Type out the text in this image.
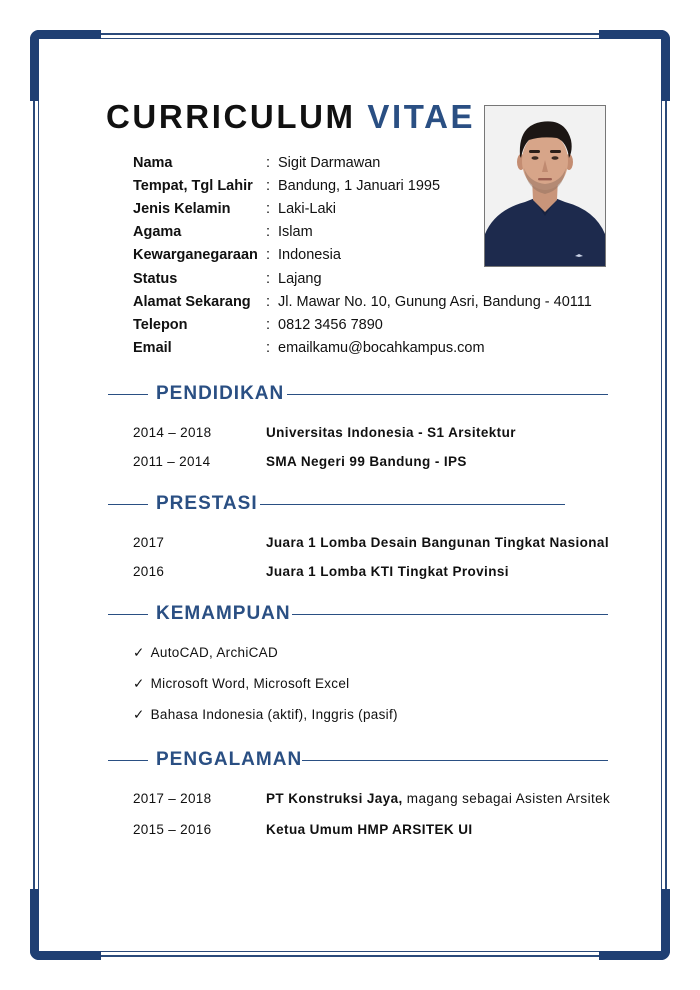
CURRICULUM VITAE
Nama	: Sigit Darmawan
Tempat, Tgl Lahir : Bandung, 1 Januari 1995
Jenis Kelamin : Laki-Laki
Agama	: Islam
Kewarganegaraan : Indonesia
Status	: Lajang
Alamat Sekarang : Jl. Mawar No. 10, Gunung Asri, Bandung - 40111
Telepon	: 0812 3456 7890
Email	: emailkamu@bocahkampus.com
PENDIDIKAN
2014 – 2018	Universitas Indonesia - S1 Arsitektur
2011 – 2014	SMA Negeri 99 Bandung - IPS
PRESTASI
2017	Juara 1 Lomba Desain Bangunan Tingkat Nasional
2016	Juara 1 Lomba KTI Tingkat Provinsi
KEMAMPUAN
✓ AutoCAD, ArchiCAD
✓ Microsoft Word, Microsoft Excel
✓ Bahasa Indonesia (aktif), Inggris (pasif)
PENGALAMAN
2017 – 2018	PT Konstruksi Jaya, magang sebagai Asisten Arsitek
2015 – 2016	Ketua Umum HMP ARSITEK UI
